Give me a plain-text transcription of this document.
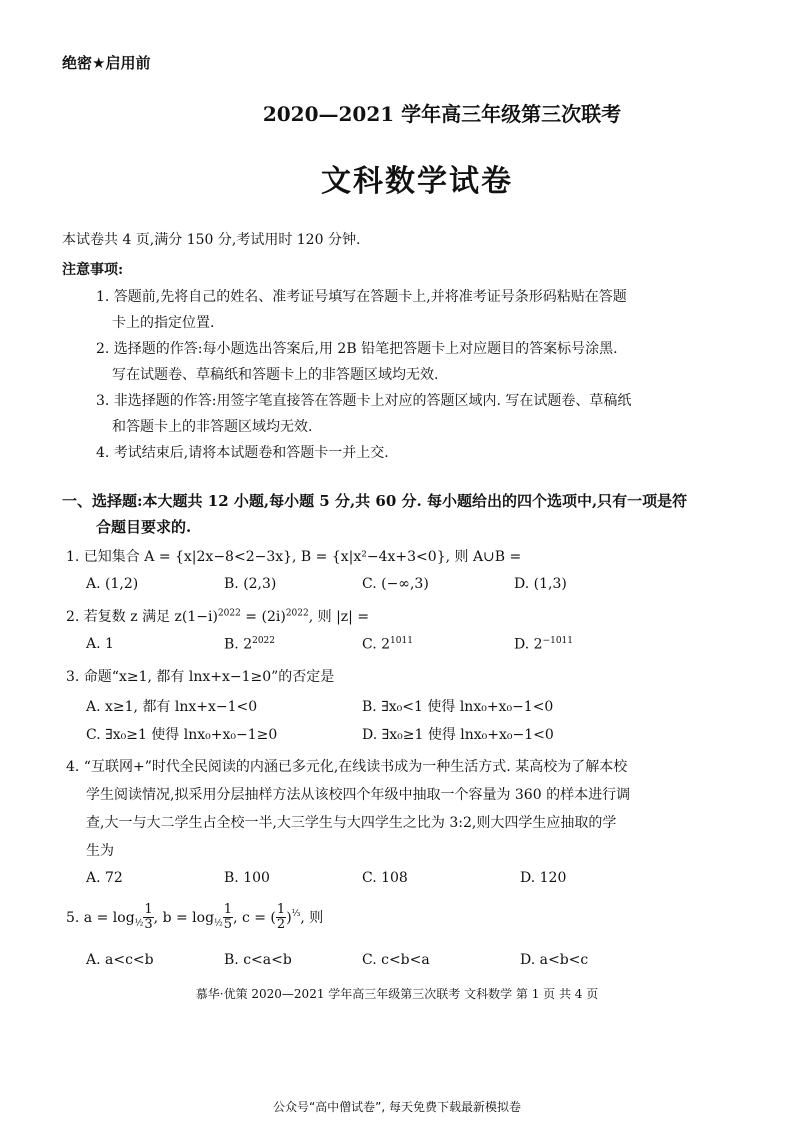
绝密★启用前
2020—2021 学年高三年级第三次联考
文科数学试卷
本试卷共 4 页,满分 150 分,考试用时 120 分钟.
注意事项:
1. 答题前,先将自己的姓名、准考证号填写在答题卡上,并将准考证号条形码粘贴在答题
卡上的指定位置.
2. 选择题的作答:每小题选出答案后,用 2B 铅笔把答题卡上对应题目的答案标号涂黑.
写在试题卷、草稿纸和答题卡上的非答题区域均无效.
3. 非选择题的作答:用签字笔直接答在答题卡上对应的答题区域内. 写在试题卷、草稿纸
和答题卡上的非答题区域均无效.
4. 考试结束后,请将本试题卷和答题卡一并上交.
一、选择题:本大题共 12 小题,每小题 5 分,共 60 分. 每小题给出的四个选项中,只有一项是符
合题目要求的.
1. 已知集合 A = {x|2x−8<2−3x}, B = {x|x²−4x+3<0}, 则 A∪B =
A. (1,2)	B. (2,3)	C. (−∞,3)	D. (1,3)
2. 若复数 z 满足 $z(1-i)^{2022} = (2i)^{2022}$, 则 |z| =
A. 1	B. $2^{2022}$	C. $2^{1011}$	D. $2^{-1011}$
3. 命题“x≥1, 都有 lnx+x−1≥0”的否定是
A. x≥1, 都有 lnx+x−1<0	B. ∃x₀<1 使得 lnx₀+x₀−1<0
C. ∃x₀≥1 使得 lnx₀+x₀−1≥0	D. ∃x₀≥1 使得 lnx₀+x₀−1<0
4. “互联网+”时代全民阅读的内涵已多元化,在线读书成为一种生活方式. 某高校为了解本校
学生阅读情况,拟采用分层抽样方法从该校四个年级中抽取一个容量为 360 的样本进行调
查,大一与大二学生占全校一半,大三学生与大四学生之比为 3:2,则大四学生应抽取的学
生为
A. 72	B. 100	C. 108	D. 120
5. $a = \log_{\frac{1}{2}} \frac{1}{3}$ , $b = \log_{\frac{1}{2}} \frac{1}{5}$ , c = ( $\frac{1}{2} )^{\frac{1}{3}}$, 则
A. a<c<b	B. c<a<b	C. c<b<a	D. a<b<c
慕华·优策 2020—2021 学年高三年级第三次联考 文科数学 第 1 页 共 4 页
公众号“高中僧试卷”, 每天免费下载最新模拟卷
